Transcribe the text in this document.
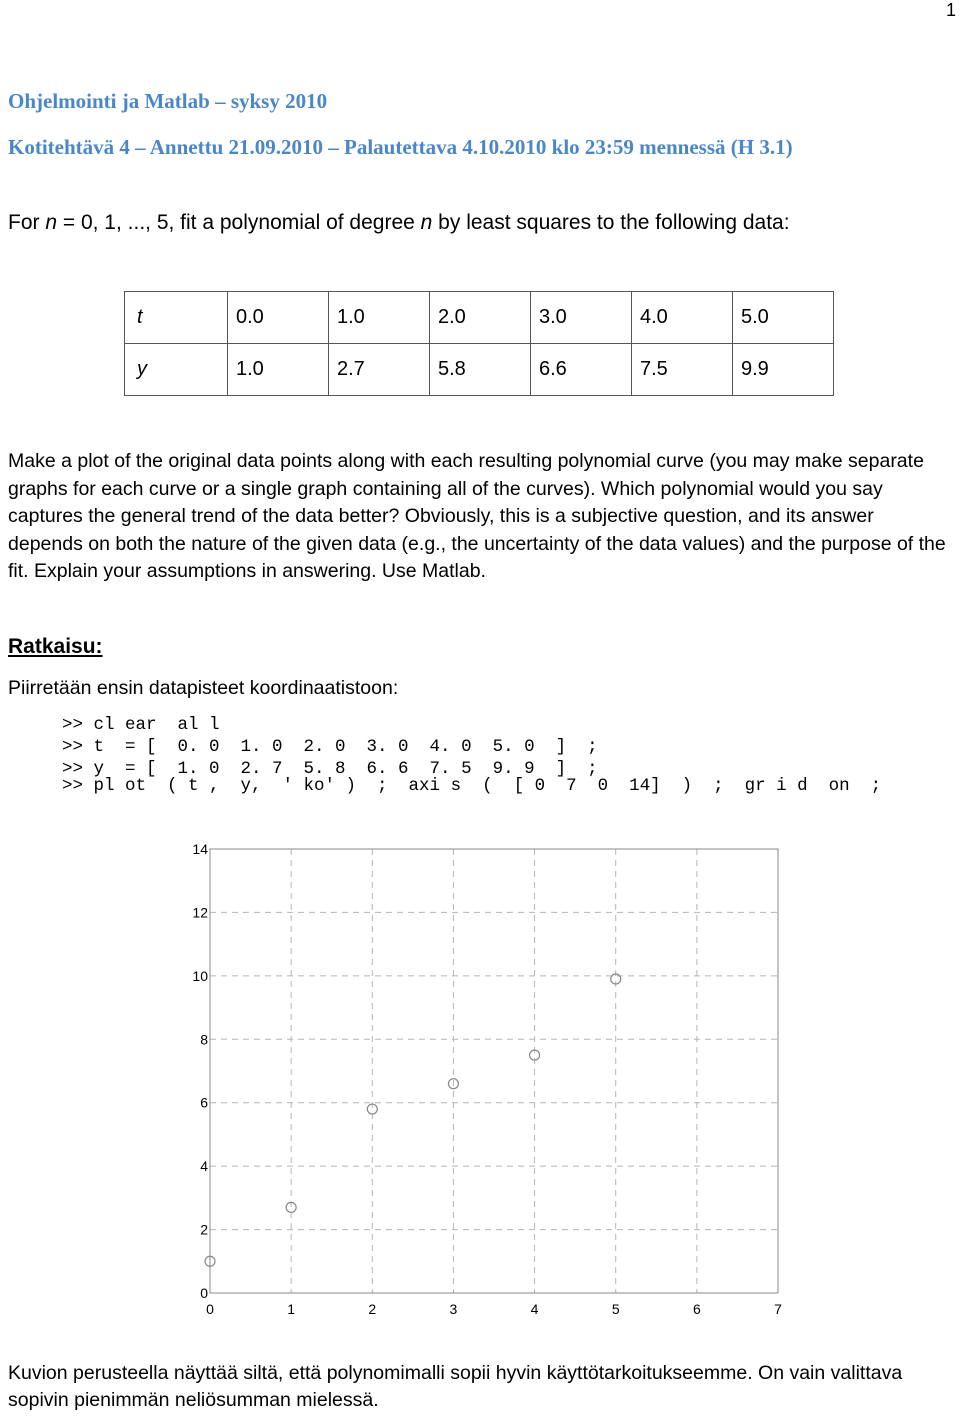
1
Ohjelmointi ja Matlab – syksy 2010
Kotitehtävä 4 – Annettu 21.09.2010 – Palautettava 4.10.2010 klo 23:59 mennessä (H 3.1)
For n = 0, 1, ..., 5, fit a polynomial of degree n by least squares to the following data:
t	0.0	1.0	2.0	3.0	4.0	5.0
y	1.0	2.7	5.8	6.6	7.5	9.9
Make a plot of the original data points along with each resulting polynomial curve (you may make separate graphs for each curve or a single graph containing all of the curves). Which polynomial would you say captures the general trend of the data better? Obviously, this is a subjective question, and its answer depends on both the nature of the given data (e.g., the uncertainty of the data values) and the purpose of the fit. Explain your assumptions in answering. Use Matlab.
Ratkaisu:
Piirretään ensin datapisteet koordinaatistoon:
>> cl ear  al l
>> t  = [  0. 0  1. 0  2. 0  3. 0  4. 0  5. 0  ]  ;
>> y  = [  1. 0  2. 7  5. 8  6. 6  7. 5  9. 9  ]  ;
>> pl ot  ( t ,  y,  ' ko' )  ;  axi s  (  [ 0  7  0  14]  )  ;  gr i d  on  ;
0	1	2	3	4	5	6	7
0
2
4
6
8
10
12
14
Kuvion perusteella näyttää siltä, että polynomimalli sopii hyvin käyttötarkoitukseemme. On vain valittava sopivin pienimmän neliösumman mielessä.
